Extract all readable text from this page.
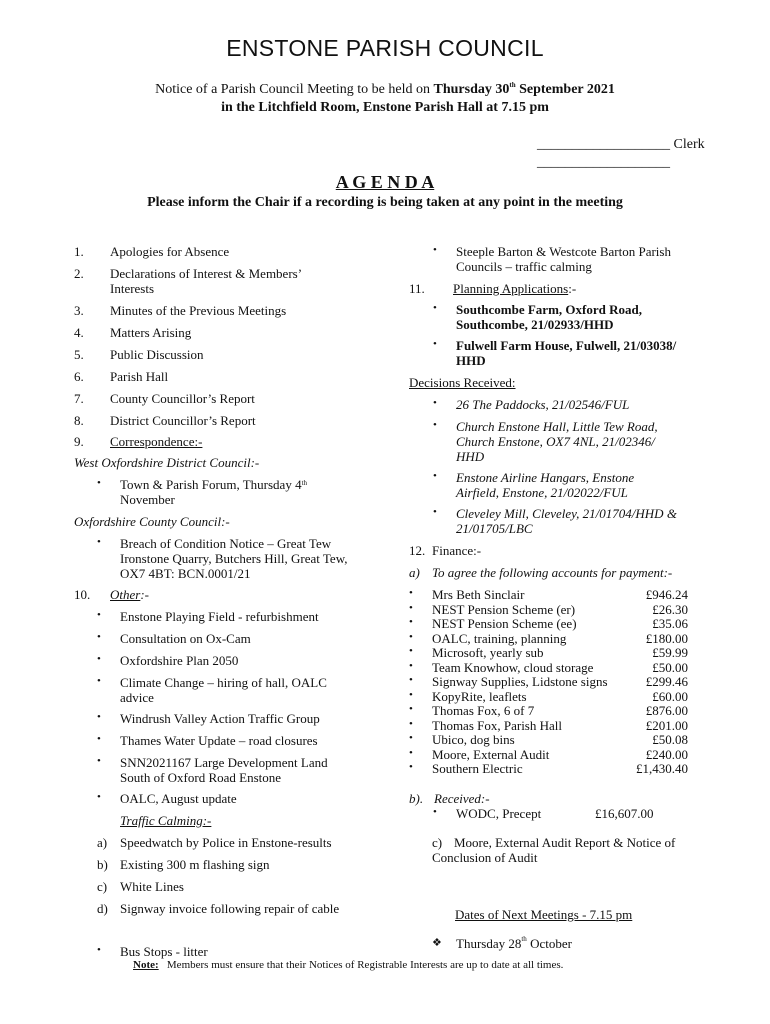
ENSTONE PARISH COUNCIL
Notice of a Parish Council Meeting to be held on Thursday 30th September 2021
in the Litchfield Room, Enstone Parish Hall at 7.15 pm
___________________ Clerk
___________________
A G E N D A
Please inform the Chair if a recording is being taken at any point in the meeting
1. Apologies for Absence
2. Declarations of Interest & Members’ Interests
3. Minutes of the Previous Meetings
4. Matters Arising
5. Public Discussion
6. Parish Hall
7. County Councillor’s Report
8. District Councillor’s Report
9. Correspondence:-
West Oxfordshire District Council:-
• Town & Parish Forum, Thursday 4th
November
Oxfordshire County Council:-
• Breach of Condition Notice – Great Tew Ironstone Quarry, Butchers Hill, Great Tew, OX7 4BT: BCN.0001/21
10. Other:-
• Enstone Playing Field - refurbishment
• Consultation on Ox-Cam
• Oxfordshire Plan 2050
• Climate Change – hiring of hall, OALC advice
• Windrush Valley Action Traffic Group
• Thames Water Update – road closures
• SNN2021167 Large Development Land South of Oxford Road Enstone
• OALC, August update
Traffic Calming:-
a) Speedwatch by Police in Enstone-results
b) Existing 300 m flashing sign
c) White Lines
d) Signway invoice following repair of cable
• Bus Stops - litter
• Steeple Barton & Westcote Barton Parish Councils – traffic calming
11. Planning Applications:-
• Southcombe Farm, Oxford Road, Southcombe, 21/02933/HHD
• Fulwell Farm House, Fulwell, 21/03038/ HHD
Decisions Received:
• 26 The Paddocks, 21/02546/FUL
• Church Enstone Hall, Little Tew Road, Church Enstone, OX7 4NL, 21/02346/ HHD
• Enstone Airline Hangars, Enstone Airfield, Enstone, 21/02022/FUL
• Cleveley Mill, Cleveley, 21/01704/HHD & 21/01705/LBC
12. Finance:-
a) To agree the following accounts for payment:-
• Mrs Beth Sinclair	£946.24
• NEST Pension Scheme (er)	£26.30
• NEST Pension Scheme (ee)	£35.06
• OALC, training, planning	£180.00
• Microsoft, yearly sub	£59.99
• Team Knowhow, cloud storage	£50.00
• Signway Supplies, Lidstone signs	£299.46
• KopyRite, leaflets	£60.00
• Thomas Fox, 6 of 7	£876.00
• Thomas Fox, Parish Hall	£201.00
• Ubico, dog bins	£50.08
• Moore, External Audit	£240.00
• Southern Electric	£1,430.40
b). Received:-
• WODC, Precept	£16,607.00
c) Moore, External Audit Report & Notice of Conclusion of Audit
Dates of Next Meetings - 7.15 pm
❖ Thursday 28th October
Note: Members must ensure that their Notices of Registrable Interests are up to date at all times.
